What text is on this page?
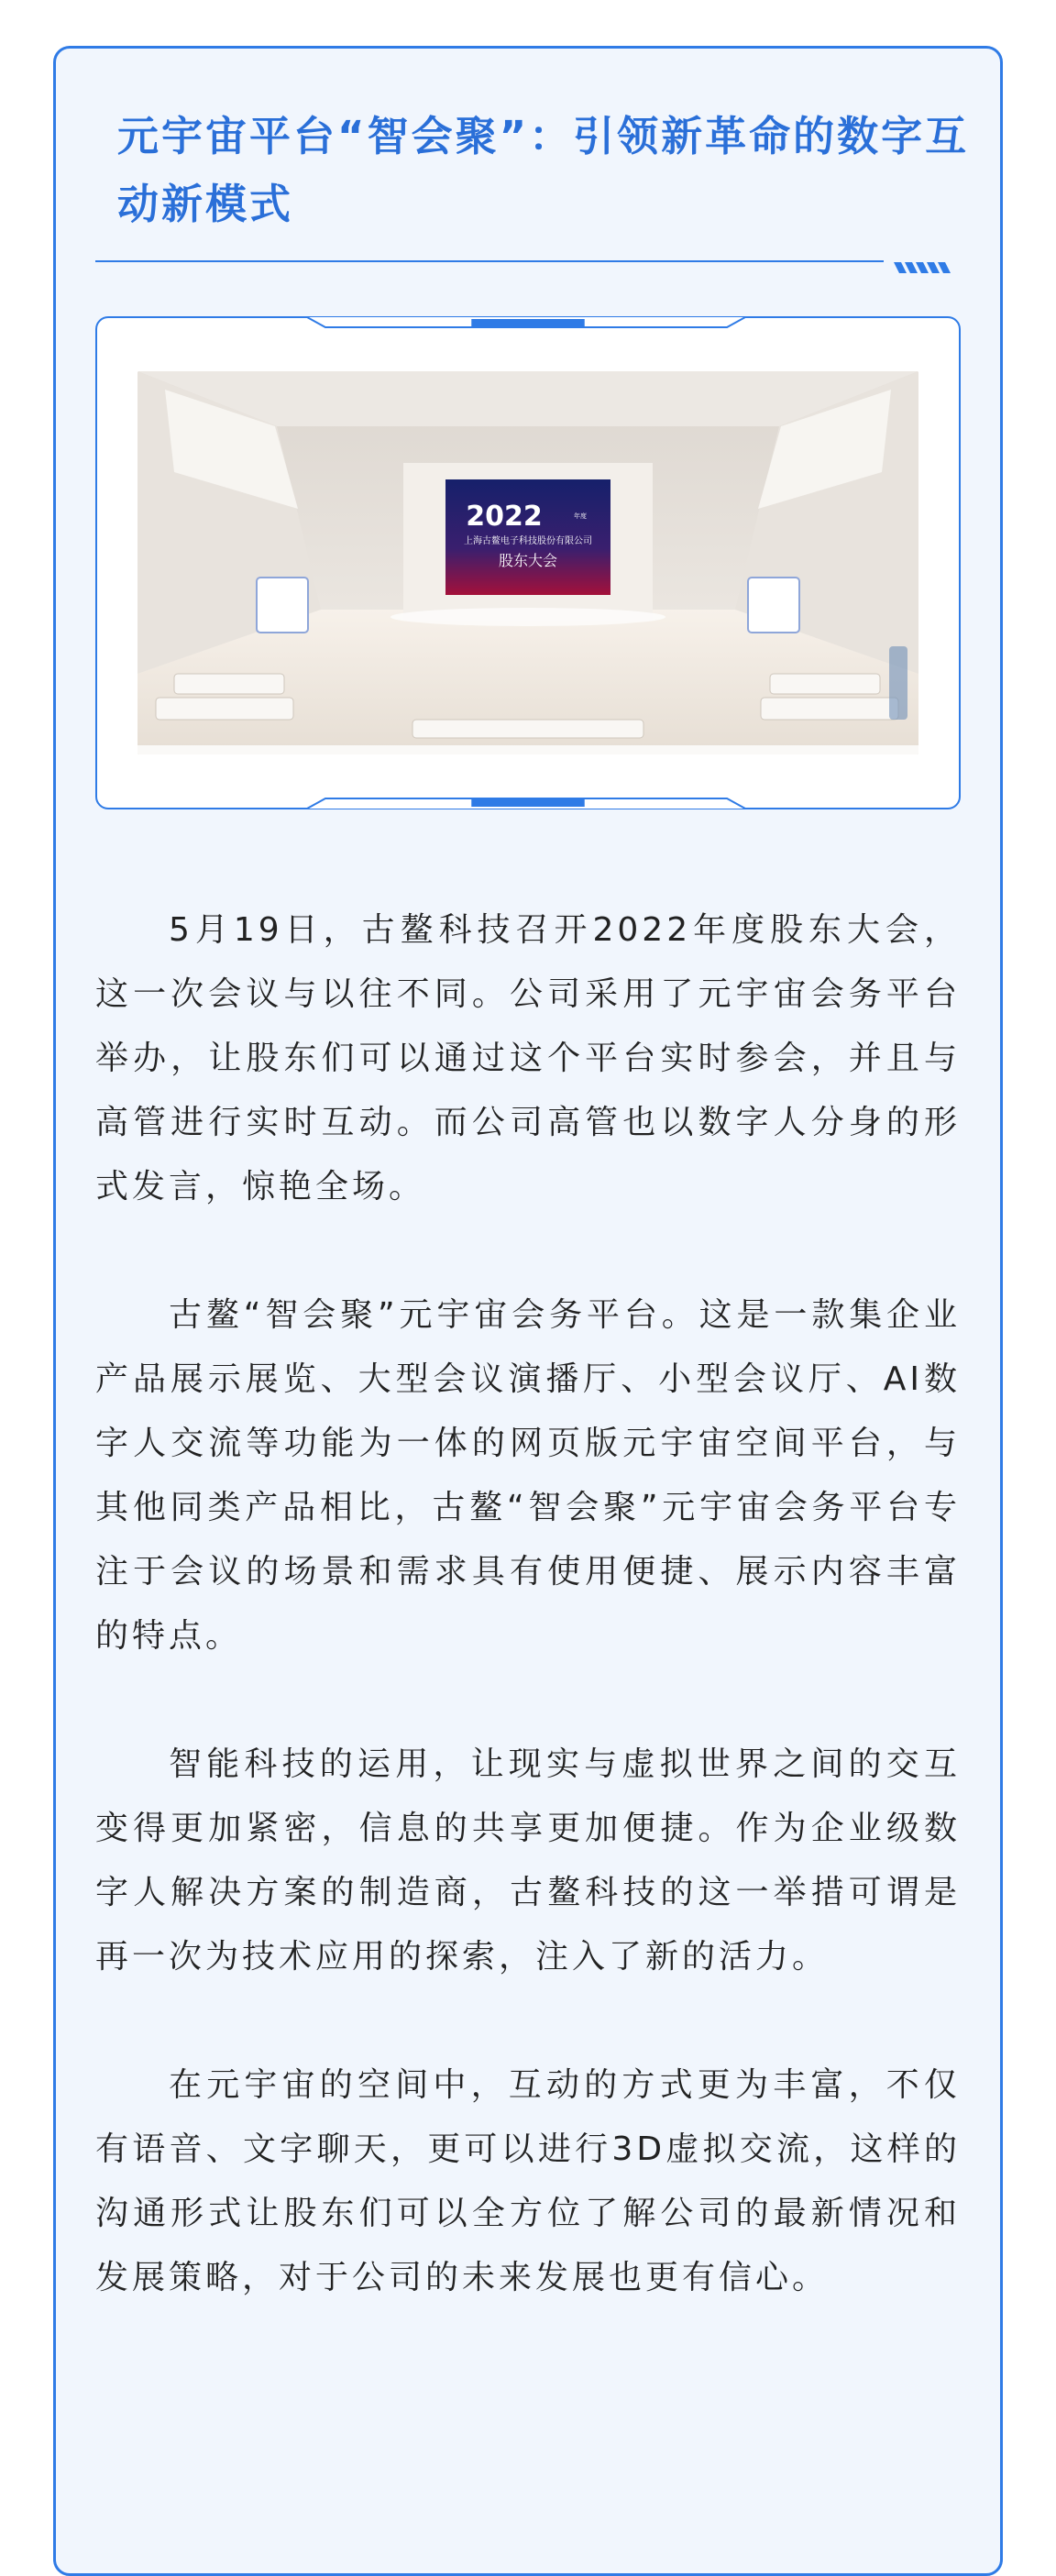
元宇宙平台“智会聚”：引领新革命的数字互动新模式
2022	年度
上海古鳌电子科技股份有限公司
股东大会

5月19日，古鳌科技召开2022年度股东大会，这一次会议与以往不同。公司采用了元宇宙会务平台举办，让股东们可以通过这个平台实时参会，并且与高管进行实时互动。而公司高管也以数字人分身的形式发言，惊艳全场。

古鳌“智会聚”元宇宙会务平台。这是一款集企业产品展示展览、大型会议演播厅、小型会议厅、AI数字人交流等功能为一体的网页版元宇宙空间平台，与其他同类产品相比，古鳌“智会聚”元宇宙会务平台专注于会议的场景和需求具有使用便捷、展示内容丰富的特点。

智能科技的运用，让现实与虚拟世界之间的交互变得更加紧密，信息的共享更加便捷。作为企业级数字人解决方案的制造商，古鳌科技的这一举措可谓是再一次为技术应用的探索，注入了新的活力。

在元宇宙的空间中，互动的方式更为丰富，不仅有语音、文字聊天，更可以进行3D虚拟交流，这样的沟通形式让股东们可以全方位了解公司的最新情况和发展策略，对于公司的未来发展也更有信心。
